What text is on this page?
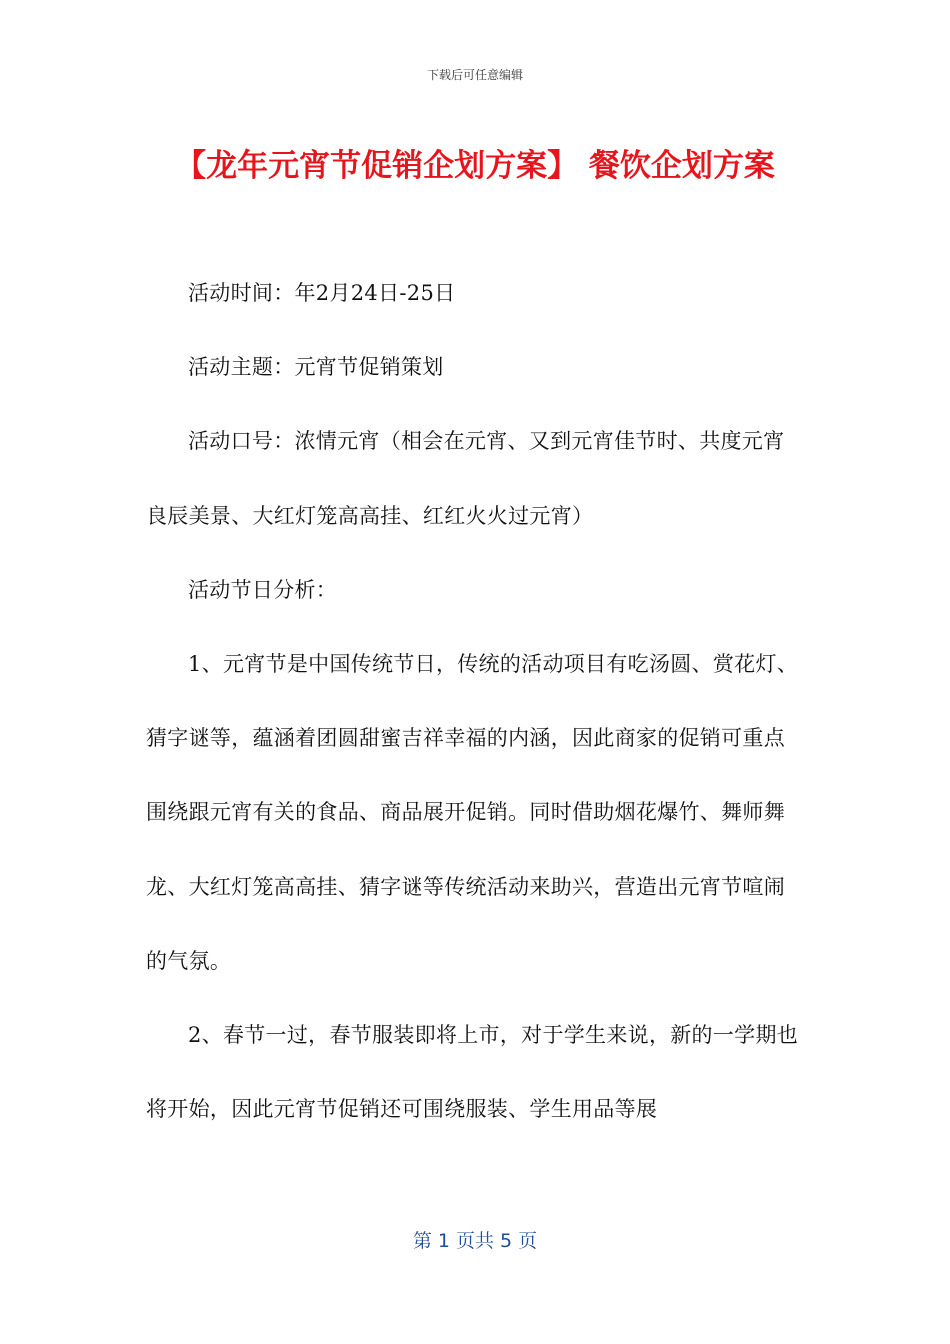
下载后可任意编辑
【龙年元宵节促销企划方案】 餐饮企划方案

活动时间：年2月24日-25日

活动主题：元宵节促销策划

活动口号：浓情元宵（相会在元宵、又到元宵佳节时、共度元宵良辰美景、大红灯笼高高挂、红红火火过元宵）

活动节日分析：

1、元宵节是中国传统节日，传统的活动项目有吃汤圆、赏花灯、猜字谜等，蕴涵着团圆甜蜜吉祥幸福的内涵，因此商家的促销可重点围绕跟元宵有关的食品、商品展开促销。同时借助烟花爆竹、舞师舞龙、大红灯笼高高挂、猜字谜等传统活动来助兴，营造出元宵节喧闹的气氛。

2、春节一过，春节服装即将上市，对于学生来说，新的一学期也将开始，因此元宵节促销还可围绕服装、学生用品等展

第 1 页共 5 页
